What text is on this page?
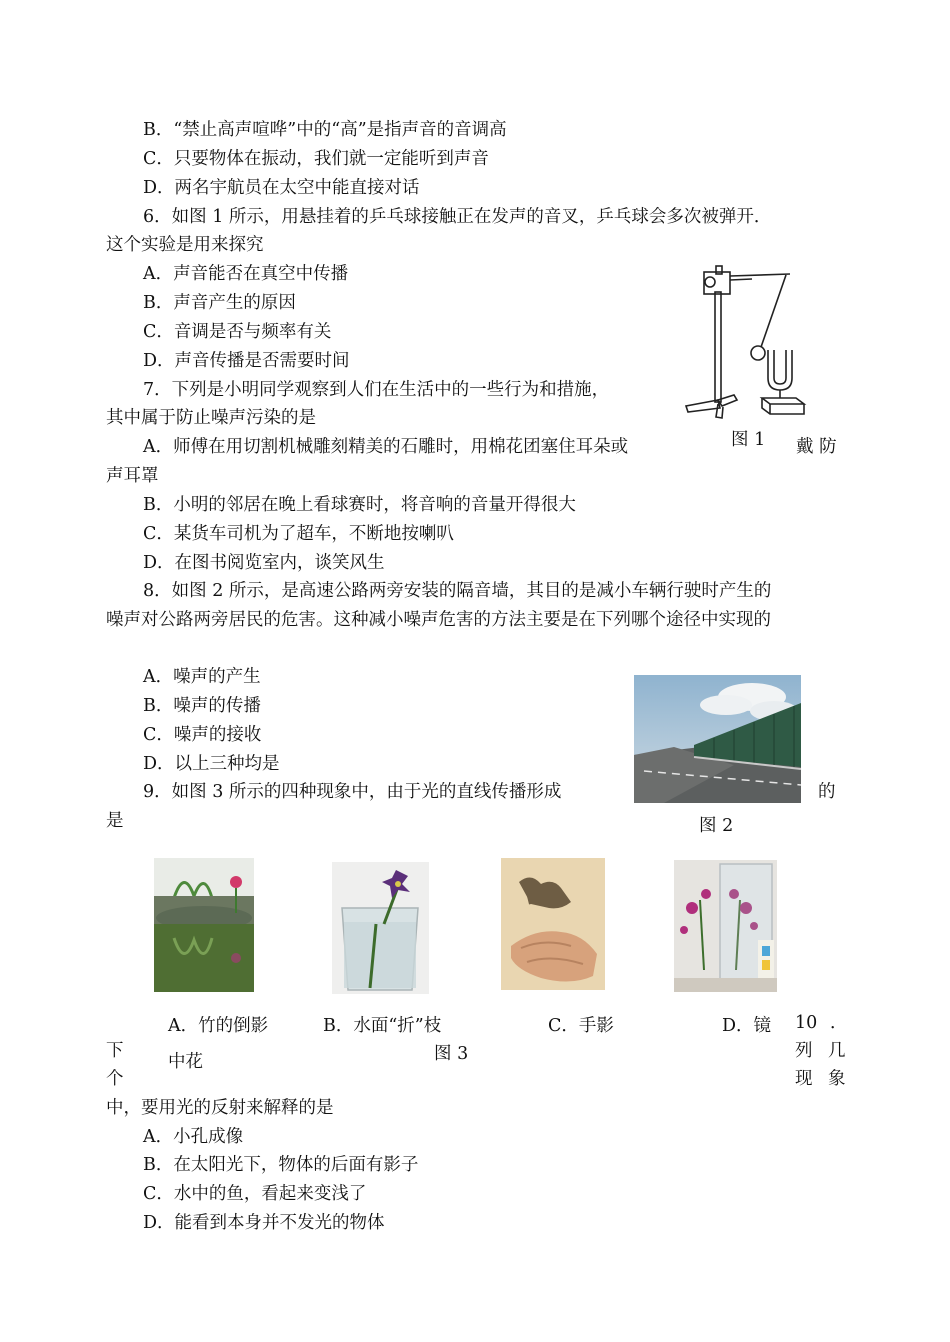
B．“禁止高声喧哗”中的“高”是指声音的音调高
C．只要物体在振动，我们就一定能听到声音
D．两名宇航员在太空中能直接对话
6．如图 1 所示，用悬挂着的乒乓球接触正在发声的音叉，乒乓球会多次被弹开．
这个实验是用来探究
A．声音能否在真空中传播
B．声音产生的原因
C．音调是否与频率有关
D．声音传播是否需要时间
图 1
7．下列是小明同学观察到人们在生活中的一些行为和措施，
其中属于防止噪声污染的是
A．师傅在用切割机械雕刻精美的石雕时，用棉花团塞住耳朵或	戴 防
声耳罩
B．小明的邻居在晚上看球赛时，将音响的音量开得很大
C．某货车司机为了超车，不断地按喇叭
D．在图书阅览室内，谈笑风生
8．如图 2 所示，是高速公路两旁安装的隔音墙，其目的是减小车辆行驶时产生的
噪声对公路两旁居民的危害。这种减小噪声危害的方法主要是在下列哪个途径中实现的
A．噪声的产生
B．噪声的传播
C．噪声的接收
D．以上三种均是
图 2
9．如图 3 所示的四种现象中，由于光的直线传播形成	的
是
A．竹的倒影
中花
B．水面“折”枝	C．手影	D．镜
图 3
10 ．
列 几
现 象
下
个
中，要用光的反射来解释的是
A．小孔成像
B．在太阳光下，物体的后面有影子
C．水中的鱼，看起来变浅了
D．能看到本身并不发光的物体
